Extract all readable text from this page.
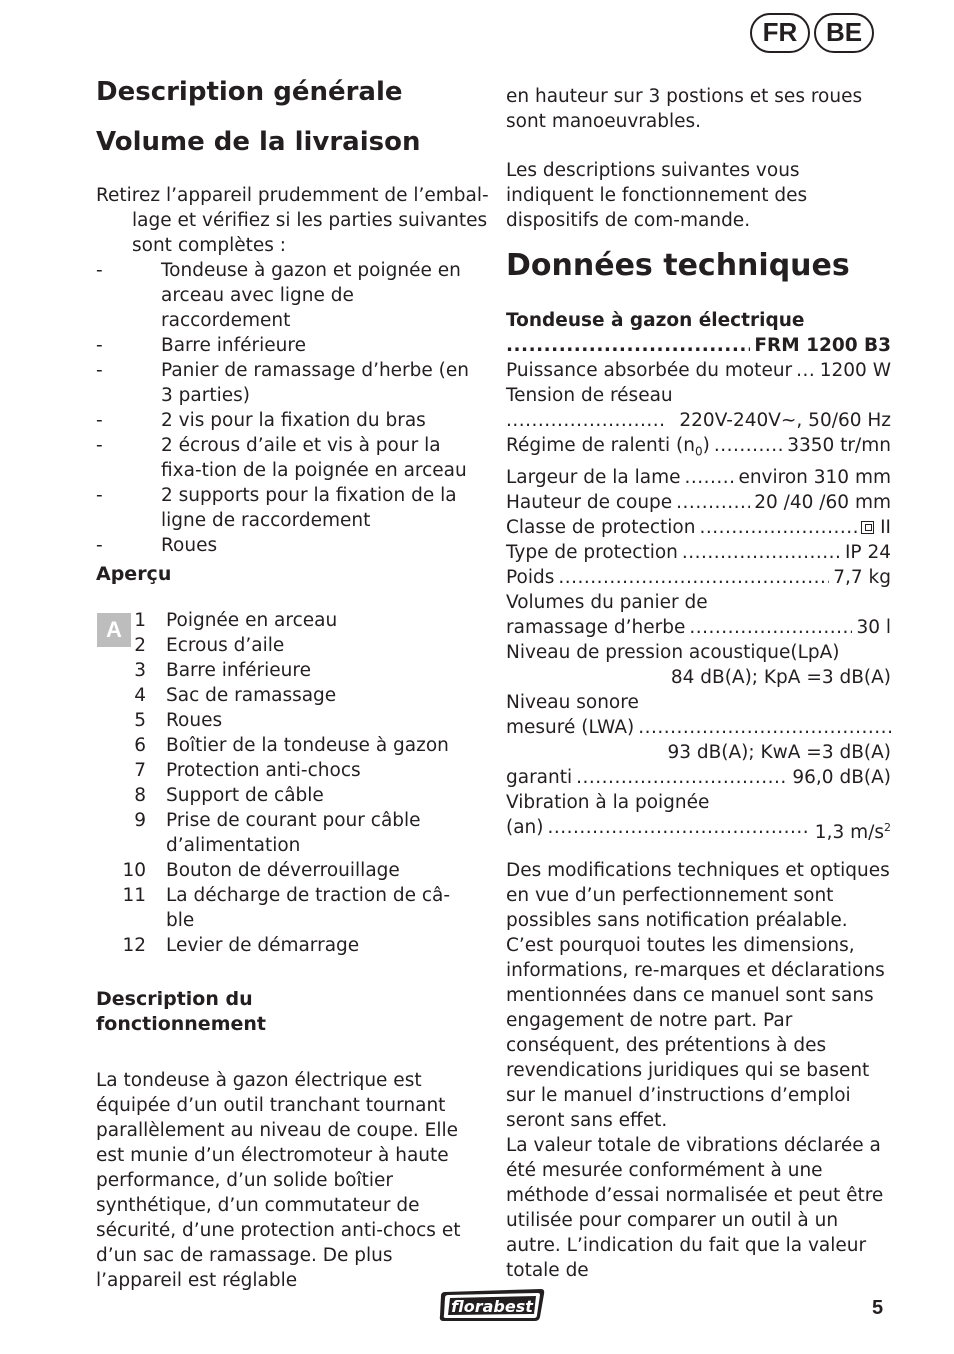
FR	BE
Description générale
Volume de la livraison

Retirez l’appareil prudemment de l’embal-lage et vérifiez si les parties suivantes sont complètes :

-	Tondeuse à gazon et poignée en arceau avec ligne de raccordement
-	Barre inférieure
-	Panier de ramassage d’herbe (en 3 parties)
-	2 vis pour la fixation du bras
-	2 écrous d’aile et vis à pour la fixa-tion de la poignée en arceau
-	2 supports pour la fixation de la ligne de raccordement
-	Roues
Aperçu
A 1 Poignée en arceau
2 Ecrous d’aile
3 Barre inférieure
4 Sac de ramassage
5 Roues
6 Boîtier de la tondeuse à gazon
7 Protection anti-chocs
8 Support de câble
9 Prise de courant pour câble d’alimentation
10 Bouton de déverrouillage
11 La décharge de traction de câ-ble
12 Levier de démarrage
Description du fonctionnement

La tondeuse à gazon électrique est équipée d’un outil tranchant tournant parallèlement au niveau de coupe. Elle est munie d’un électromoteur à haute performance, d’un solide boîtier synthétique, d’un commutateur de sécurité, d’une protection anti-chocs et d’un sac de ramassage. De plus l’appareil est réglable

en hauteur sur 3 postions et ses roues sont manoeuvrables.

Les descriptions suivantes vous indiquent le fonctionnement des dispositifs de com-mande.

Données techniques
Tondeuse à gazon électrique
.....
FRM 1200 B3
Puissance absorbée du moteur ..... 1200 W
Tension de réseau
.....
220V-240V~, 50/60 Hz
Régime de ralenti $(n_0)$ .....	3350 tr/mn
Largeur de la lame .....	environ 310 mm
Hauteur de coupe .....	20 /40 /60 mm
Classe de protection .....	II
Type de protection .....	IP 24
Poids .....	7,7 kg
Volumes du panier de
ramassage d’herbe .....	30 l
Niveau de pression acoustique(LpA)
84 dB(A); KpA =3 dB(A)
Niveau sonore
mesuré (LWA)
.....
93 dB(A); KwA =3 dB(A)
garanti .....	96,0 dB(A)
Vibration à la poignée
(an) .....	1,3 $m/s^2$

Des modifications techniques et optiques en vue d’un perfectionnement sont possibles sans notification préalable. C’est pourquoi toutes les dimensions, informations, re-marques et déclarations mentionnées dans ce manuel sont sans engagement de notre part. Par conséquent, des prétentions à des revendications juridiques qui se basent sur le manuel d’instructions d’emploi seront sans effet.

La valeur totale de vibrations déclarée a été mesurée conformément à une méthode d’essai normalisée et peut être utilisée pour comparer un outil à un autre. L’indication du fait que la valeur totale de

florabest	5
